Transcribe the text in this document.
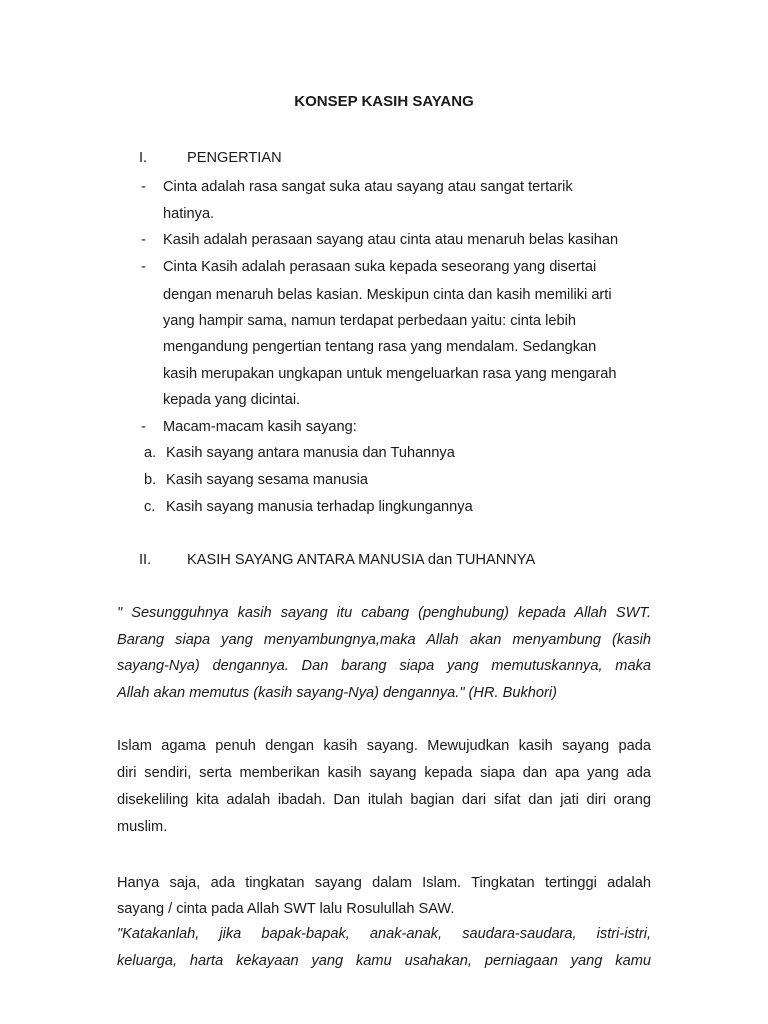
KONSEP KASIH SAYANG
I.	PENGERTIAN
- Cinta adalah rasa sangat suka atau sayang atau sangat tertarik
hatinya.
- Kasih adalah perasaan sayang atau cinta atau menaruh belas kasihan
- Cinta Kasih adalah perasaan suka kepada seseorang yang disertai
dengan menaruh belas kasian. Meskipun cinta dan kasih memiliki arti
yang hampir sama, namun terdapat perbedaan yaitu: cinta lebih
mengandung pengertian tentang rasa yang mendalam. Sedangkan
kasih merupakan ungkapan untuk mengeluarkan rasa yang mengarah
kepada yang dicintai.
- Macam-macam kasih sayang:
a. Kasih sayang antara manusia dan Tuhannya
b. Kasih sayang sesama manusia
c. Kasih sayang manusia terhadap lingkungannya
II. KASIH SAYANG ANTARA MANUSIA dan TUHANNYA
" Sesungguhnya kasih sayang itu cabang (penghubung) kepada Allah SWT.
Barang siapa yang menyambungnya,maka Allah akan menyambung (kasih
sayang-Nya) dengannya. Dan barang siapa yang memutuskannya, maka
Allah akan memutus (kasih sayang-Nya) dengannya." (HR. Bukhori)
Islam agama penuh dengan kasih sayang. Mewujudkan kasih sayang pada
diri sendiri, serta memberikan kasih sayang kepada siapa dan apa yang ada
disekeliling kita adalah ibadah. Dan itulah bagian dari sifat dan jati diri orang
muslim.
Hanya saja, ada tingkatan sayang dalam Islam. Tingkatan tertinggi adalah
sayang / cinta pada Allah SWT lalu Rosulullah SAW.
"Katakanlah, jika bapak-bapak, anak-anak, saudara-saudara, istri-istri,
keluarga, harta kekayaan yang kamu usahakan, perniagaan yang kamu
